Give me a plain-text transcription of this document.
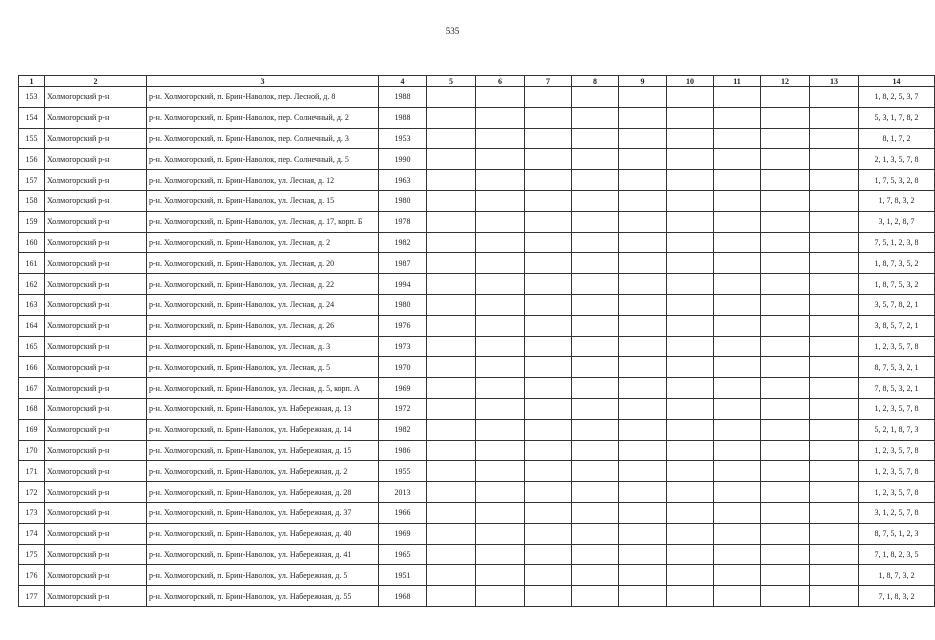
535
1	2	3	4	5	6	7	8	9	10	11	12	13	14
153	Холмогорский р-н	р-н. Холмогорский, п. Брин-Наволок, пер. Лесной, д. 8	1988										1, 8, 2, 5, 3, 7
154	Холмогорский р-н	р-н. Холмогорский, п. Брин-Наволок, пер. Солнечный, д. 2	1988										5, 3, 1, 7, 8, 2
155	Холмогорский р-н	р-н. Холмогорский, п. Брин-Наволок, пер. Солнечный, д. 3	1953										8, 1, 7, 2
156	Холмогорский р-н	р-н. Холмогорский, п. Брин-Наволок, пер. Солнечный, д. 5	1990										2, 1, 3, 5, 7, 8
157	Холмогорский р-н	р-н. Холмогорский, п. Брин-Наволок, ул. Лесная, д. 12	1963										1, 7, 5, 3, 2, 8
158	Холмогорский р-н	р-н. Холмогорский, п. Брин-Наволок, ул. Лесная, д. 15	1980										1, 7, 8, 3, 2
159	Холмогорский р-н	р-н. Холмогорский, п. Брин-Наволок, ул. Лесная, д. 17, корп. Б	1978										3, 1, 2, 8, 7
160	Холмогорский р-н	р-н. Холмогорский, п. Брин-Наволок, ул. Лесная, д. 2	1982										7, 5, 1, 2, 3, 8
161	Холмогорский р-н	р-н. Холмогорский, п. Брин-Наволок, ул. Лесная, д. 20	1987										1, 8, 7, 3, 5, 2
162	Холмогорский р-н	р-н. Холмогорский, п. Брин-Наволок, ул. Лесная, д. 22	1994										1, 8, 7, 5, 3, 2
163	Холмогорский р-н	р-н. Холмогорский, п. Брин-Наволок, ул. Лесная, д. 24	1980										3, 5, 7, 8, 2, 1
164	Холмогорский р-н	р-н. Холмогорский, п. Брин-Наволок, ул. Лесная, д. 26	1976										3, 8, 5, 7, 2, 1
165	Холмогорский р-н	р-н. Холмогорский, п. Брин-Наволок, ул. Лесная, д. 3	1973										1, 2, 3, 5, 7, 8
166	Холмогорский р-н	р-н. Холмогорский, п. Брин-Наволок, ул. Лесная, д. 5	1970										8, 7, 5, 3, 2, 1
167	Холмогорский р-н	р-н. Холмогорский, п. Брин-Наволок, ул. Лесная, д. 5, корп. А	1969										7, 8, 5, 3, 2, 1
168	Холмогорский р-н	р-н. Холмогорский, п. Брин-Наволок, ул. Набережная, д. 13	1972										1, 2, 3, 5, 7, 8
169	Холмогорский р-н	р-н. Холмогорский, п. Брин-Наволок, ул. Набережная, д. 14	1982										5, 2, 1, 8, 7, 3
170	Холмогорский р-н	р-н. Холмогорский, п. Брин-Наволок, ул. Набережная, д. 15	1986										1, 2, 3, 5, 7, 8
171	Холмогорский р-н	р-н. Холмогорский, п. Брин-Наволок, ул. Набережная, д. 2	1955										1, 2, 3, 5, 7, 8
172	Холмогорский р-н	р-н. Холмогорский, п. Брин-Наволок, ул. Набережная, д. 28	2013										1, 2, 3, 5, 7, 8
173	Холмогорский р-н	р-н. Холмогорский, п. Брин-Наволок, ул. Набережная, д. 37	1966										3, 1, 2, 5, 7, 8
174	Холмогорский р-н	р-н. Холмогорский, п. Брин-Наволок, ул. Набережная, д. 40	1969										8, 7, 5, 1, 2, 3
175	Холмогорский р-н	р-н. Холмогорский, п. Брин-Наволок, ул. Набережная, д. 41	1965										7, 1, 8, 2, 3, 5
176	Холмогорский р-н	р-н. Холмогорский, п. Брин-Наволок, ул. Набережная, д. 5	1951										1, 8, 7, 3, 2
177	Холмогорский р-н	р-н. Холмогорский, п. Брин-Наволок, ул. Набережная, д. 55	1968										7, 1, 8, 3, 2
